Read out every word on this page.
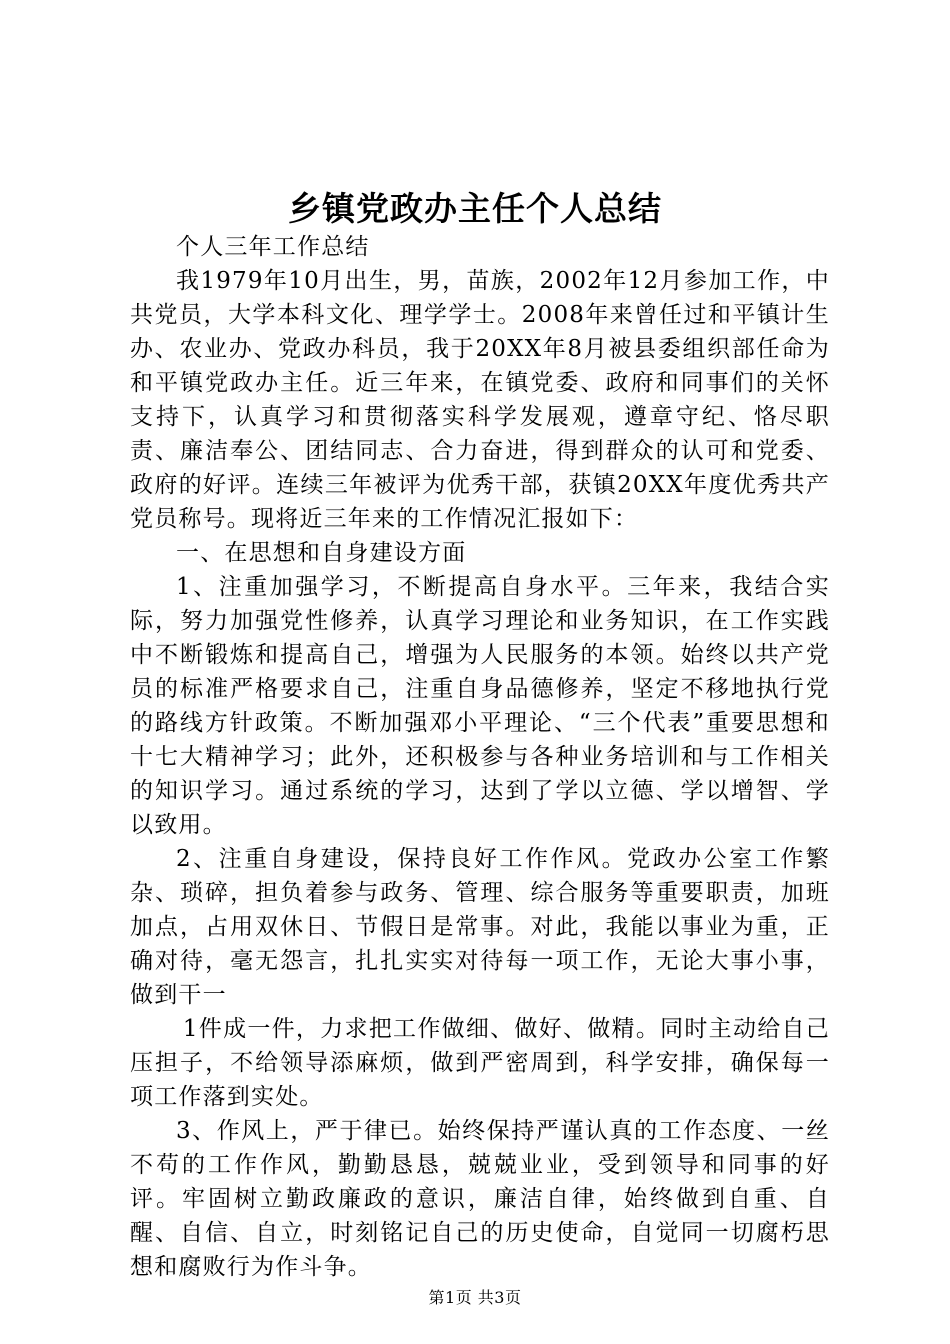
乡镇党政办主任个人总结

个人三年工作总结

我1979年10月出生，男，苗族，2002年12月参加工作，中共党员，大学本科文化、理学学士。2008年来曾任过和平镇计生办、农业办、党政办科员，我于20XX年8月被县委组织部任命为和平镇党政办主任。近三年来，在镇党委、政府和同事们的关怀支持下，认真学习和贯彻落实科学发展观，遵章守纪、恪尽职责、廉洁奉公、团结同志、合力奋进，得到群众的认可和党委、政府的好评。连续三年被评为优秀干部，获镇20XX年度优秀共产党员称号。现将近三年来的工作情况汇报如下：

一、在思想和自身建设方面

1、注重加强学习，不断提高自身水平。三年来，我结合实际，努力加强党性修养，认真学习理论和业务知识，在工作实践中不断锻炼和提高自己，增强为人民服务的本领。始终以共产党员的标准严格要求自己，注重自身品德修养，坚定不移地执行党的路线方针政策。不断加强邓小平理论、“三个代表”重要思想和十七大精神学习；此外，还积极参与各种业务培训和与工作相关的知识学习。通过系统的学习，达到了学以立德、学以增智、学以致用。

2、注重自身建设，保持良好工作作风。党政办公室工作繁杂、琐碎，担负着参与政务、管理、综合服务等重要职责，加班加点，占用双休日、节假日是常事。对此，我能以事业为重，正确对待，毫无怨言，扎扎实实对待每一项工作，无论大事小事，做到干一

1件成一件，力求把工作做细、做好、做精。同时主动给自己压担子，不给领导添麻烦，做到严密周到，科学安排，确保每一项工作落到实处。

3、作风上，严于律已。始终保持严谨认真的工作态度、一丝不苟的工作作风，勤勤恳恳，兢兢业业，受到领导和同事的好评。牢固树立勤政廉政的意识，廉洁自律，始终做到自重、自醒、自信、自立，时刻铭记自己的历史使命，自觉同一切腐朽思想和腐败行为作斗争。

第1页 共3页
